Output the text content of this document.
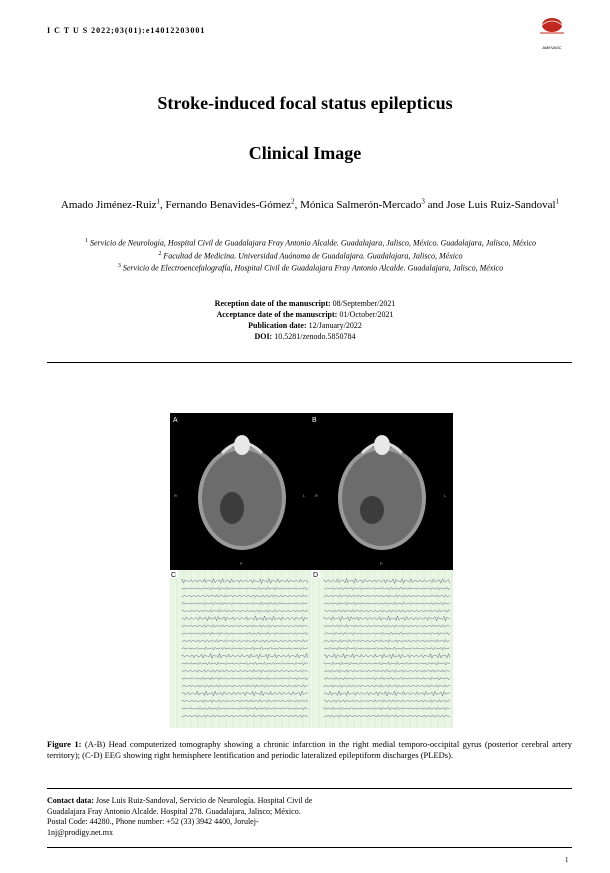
I C T U S 2022;03(01):e14012203001
AMEVASC
Stroke-induced focal status epilepticus
Clinical Image
Amado Jiménez-Ruiz$^1$, Fernando Benavides-Gómez$^2$, Mónica Salmerón-Mercado$^3$ and Jose Luis Ruiz-Sandoval$^1$
$^1$ Servicio de Neurología, Hospital Civil de Guadalajara Fray Antonio Alcalde. Guadalajara, Jalisco, México. Guadalajara, Jalisco, México
$^2$ Facultad de Medicina. Universidad Auónoma de Guadalajara. Guadalajara, Jalisco, México
$^3$ Servicio de Electroencefalografía, Hospital Civil de Guadalajara Fray Antonio Alcalde. Guadalajara, Jalisco, México
Reception date of the manuscript: 08/September/2021
Acceptance date of the manuscript: 01/October/2021
Publication date: 12/January/2022
DOI: 10.5281/zenodo.5850784
A	B
R	L
P
R	L
P
C	D
Figure 1: (A-B) Head computerized tomography showing a chronic infarction in the right medial temporo-occipital gyrus (posterior cerebral artery territory); (C-D) EEG showing right hemisphere lentification and periodic lateralized epileptiform discharges (PLEDs).
Contact data: Jose Luis Ruiz-Sandoval, Servicio de Neurología. Hospital Civil de Guadalajara Fray Antonio Alcalde. Hospital 278. Guadalajara, Jalisco; México. Postal Code: 44280., Phone number: +52 (33) 3942 4400, Jorulej-1nj@prodigy.net.mx
1
